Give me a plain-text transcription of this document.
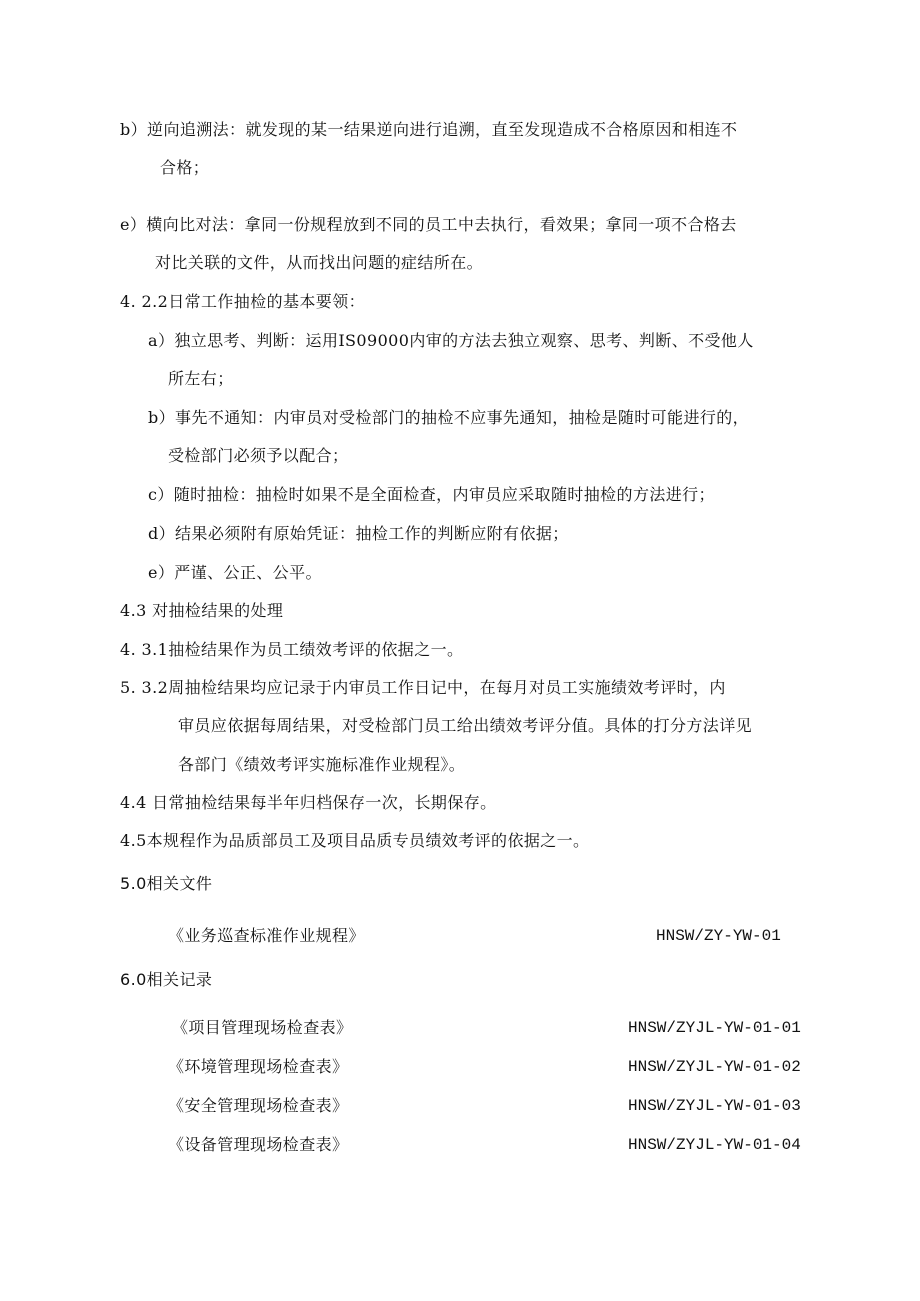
b）逆向追溯法：就发现的某一结果逆向进行追溯，直至发现造成不合格原因和相连不
合格；
e）横向比对法：拿同一份规程放到不同的员工中去执行，看效果；拿同一项不合格去
对比关联的文件，从而找出问题的症结所在。
4. 2.2日常工作抽检的基本要领：
a）独立思考、判断：运用IS09000内审的方法去独立观察、思考、判断、不受他人
所左右；
b）事先不通知：内审员对受检部门的抽检不应事先通知，抽检是随时可能进行的，
受检部门必须予以配合；
c）随时抽检：抽检时如果不是全面检查，内审员应采取随时抽检的方法进行；
d）结果必须附有原始凭证：抽检工作的判断应附有依据；
e）严谨、公正、公平。
4.3 对抽检结果的处理
4. 3.1抽检结果作为员工绩效考评的依据之一。
5. 3.2周抽检结果均应记录于内审员工作日记中，在每月对员工实施绩效考评时，内
审员应依据每周结果，对受检部门员工给出绩效考评分值。具体的打分方法详见
各部门《绩效考评实施标准作业规程》。
4.4 日常抽检结果每半年归档保存一次，长期保存。
4.5本规程作为品质部员工及项目品质专员绩效考评的依据之一。
5.0相关文件
《业务巡查标准作业规程》	HNSW/ZY-YW-01
6.0相关记录
《项目管理现场检查表》	HNSW/ZYJL-YW-01-01
《环境管理现场检查表》	HNSW/ZYJL-YW-01-02
《安全管理现场检查表》	HNSW/ZYJL-YW-01-03
《设备管理现场检查表》	HNSW/ZYJL-YW-01-04
